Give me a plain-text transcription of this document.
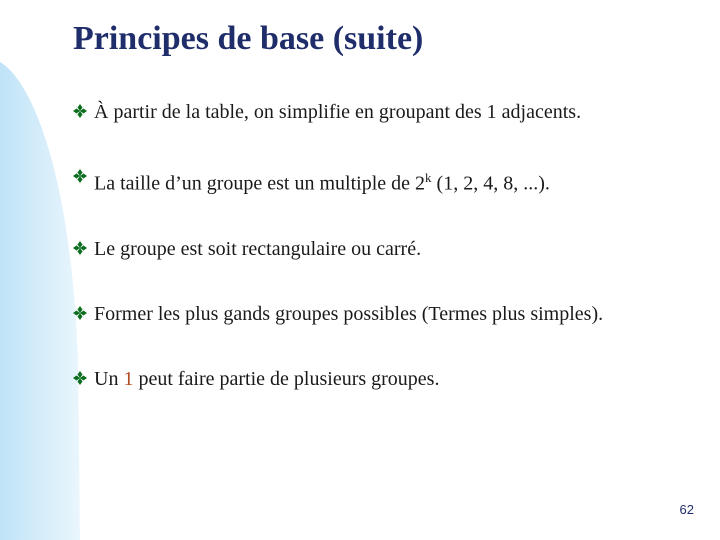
Principes de base (suite)
À partir de la table, on simplifie en groupant des 1 adjacents.
La taille d’un groupe est un multiple de 2$^k$ (1, 2, 4, 8, ...).
Le groupe est soit rectangulaire ou carré.
Former les plus gands groupes possibles (Termes plus simples).
Un 1 peut faire partie de plusieurs groupes.
62
